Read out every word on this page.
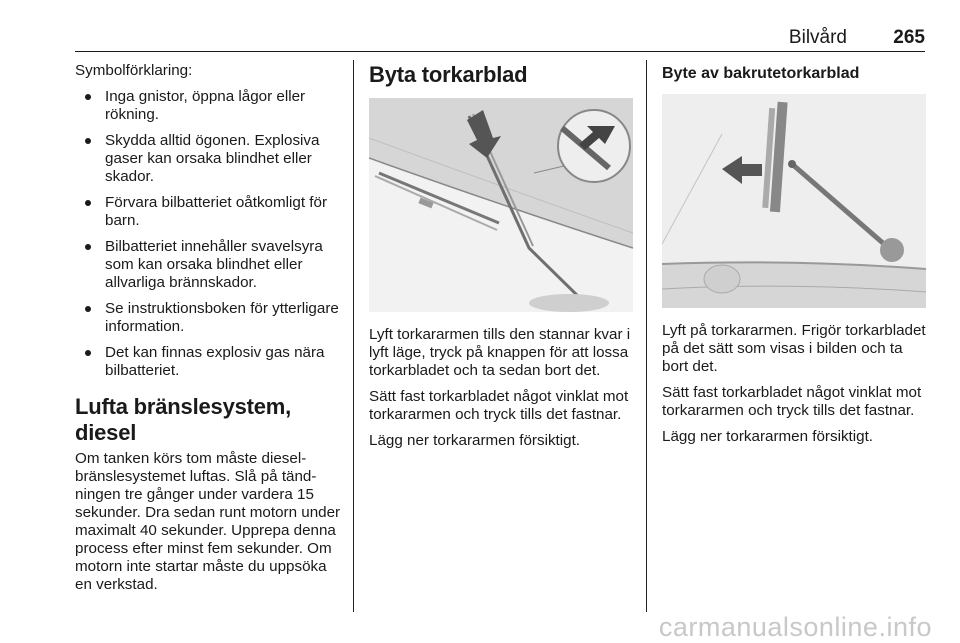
Bilvård 265

Symbolförklaring:

Inga gnistor, öppna lågor eller rökning.
Skydda alltid ögonen. Explosiva gaser kan orsaka blindhet eller skador.
Förvara bilbatteriet oåtkomligt för barn.
Bilbatteriet innehåller svavelsyra som kan orsaka blindhet eller allvarliga brännskador.
Se instruktionsboken för ytterligare information.
Det kan finnas explosiv gas nära bilbatteriet.
Lufta bränslesystem, diesel

Om tanken körs tom måste dieselbränslesystemet luftas. Slå på tändningen tre gånger under vardera 15 sekunder. Dra sedan runt motorn under maximalt 40 sekunder. Upprepa denna process efter minst fem sekunder. Om motorn inte startar måste du uppsöka en verkstad.

Byta torkarblad

Lyft torkararmen tills den stannar kvar i lyft läge, tryck på knappen för att lossa torkarbladet och ta sedan bort det.

Sätt fast torkarbladet något vinklat mot torkararmen och tryck tills det fastnar.

Lägg ner torkararmen försiktigt.

Byte av bakrutetorkarblad

Lyft på torkararmen. Frigör torkarbladet på det sätt som visas i bilden och ta bort det.

Sätt fast torkarbladet något vinklat mot torkararmen och tryck tills det fastnar.

Lägg ner torkararmen försiktigt.

carmanualsonline.info
